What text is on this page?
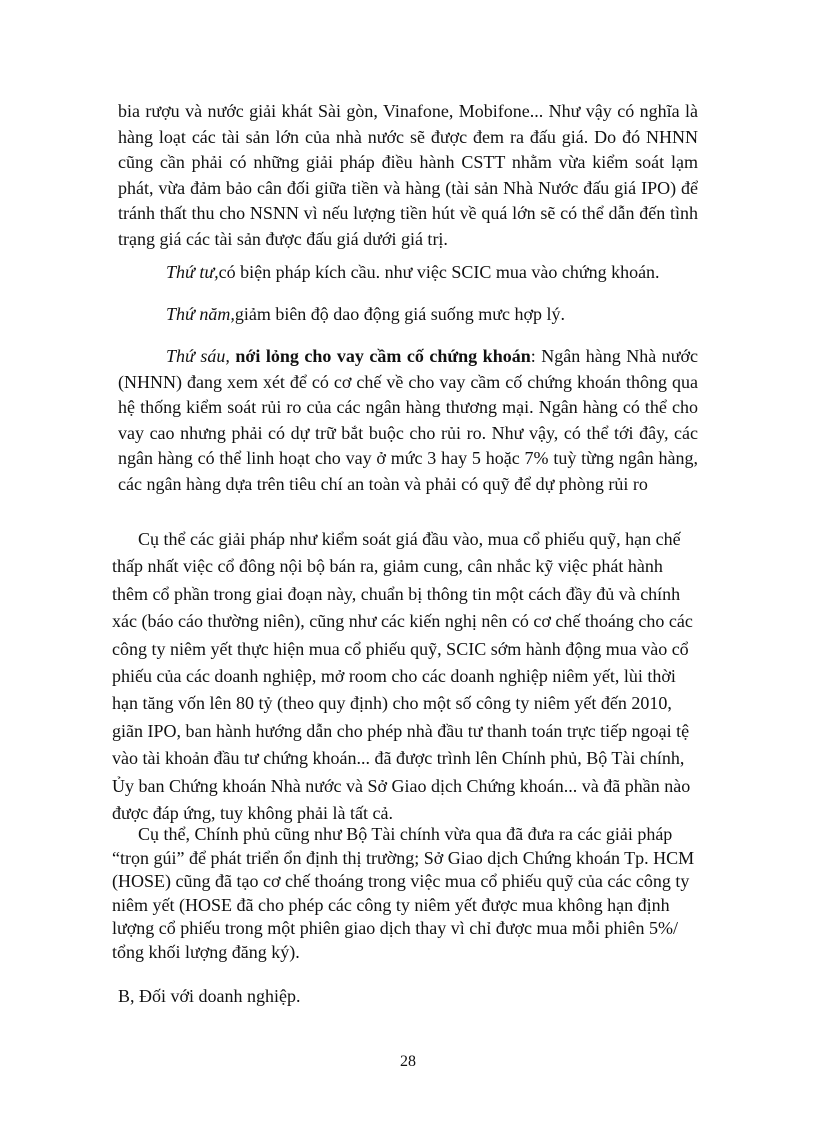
bia rượu và nước giải khát Sài gòn, Vinafone, Mobifone... Như vậy có nghĩa là hàng loạt các tài sản lớn của nhà nước sẽ được đem ra đấu giá. Do đó NHNN cũng cần phải có những giải pháp điều hành CSTT nhằm vừa kiểm soát lạm phát, vừa đảm bảo cân đối giữa tiền và hàng (tài sản Nhà Nước đấu giá IPO) để tránh thất thu cho NSNN vì nếu lượng tiền hút về quá lớn sẽ có thể dẫn đến tình trạng giá các tài sản được đấu giá dưới giá trị.

Thứ tư,có biện pháp kích cầu. như việc SCIC mua vào chứng khoán.

Thứ năm,giảm biên độ dao động giá suống mưc hợp lý.

Thứ sáu, nới lỏng cho vay cầm cố chứng khoán: Ngân hàng Nhà nước (NHNN) đang xem xét để có cơ chế về cho vay cầm cố chứng khoán thông qua hệ thống kiểm soát rủi ro của các ngân hàng thương mại. Ngân hàng có thể cho vay cao nhưng phải có dự trữ bắt buộc cho rủi ro. Như vậy, có thể tới đây, các ngân hàng có thể linh hoạt cho vay ở mức 3 hay 5 hoặc 7% tuỳ từng ngân hàng, các ngân hàng dựa trên tiêu chí an toàn và phải có quỹ để dự phòng rủi ro

Cụ thể các giải pháp như kiểm soát giá đầu vào, mua cổ phiếu quỹ, hạn chế thấp nhất việc cổ đông nội bộ bán ra, giảm cung, cân nhắc kỹ việc phát hành thêm cổ phần trong giai đoạn này, chuẩn bị thông tin một cách đầy đủ và chính xác (báo cáo thường niên), cũng như các kiến nghị nên có cơ chế thoáng cho các công ty niêm yết thực hiện mua cổ phiếu quỹ, SCIC sớm hành động mua vào cổ phiếu của các doanh nghiệp, mở room cho các doanh nghiệp niêm yết, lùi thời hạn tăng vốn lên 80 tỷ (theo quy định) cho một số công ty niêm yết đến 2010, giãn IPO, ban hành hướng dẫn cho phép nhà đầu tư thanh toán trực tiếp ngoại tệ vào tài khoản đầu tư chứng khoán... đã được trình lên Chính phủ, Bộ Tài chính, Ủy ban Chứng khoán Nhà nước và Sở Giao dịch Chứng khoán... và đã phần nào được đáp ứng, tuy không phải là tất cả.

Cụ thể, Chính phủ cũng như Bộ Tài chính vừa qua đã đưa ra các giải pháp “trọn gúi” để phát triển ổn định thị trường; Sở Giao dịch Chứng khoán Tp. HCM (HOSE) cũng đã tạo cơ chế thoáng trong việc mua cổ phiếu quỹ của các công ty niêm yết (HOSE đã cho phép các công ty niêm yết được mua không hạn định lượng cổ phiếu trong một phiên giao dịch thay vì chỉ được mua mỗi phiên 5%/ tổng khối lượng đăng ký).

B, Đối với doanh nghiệp.

28
